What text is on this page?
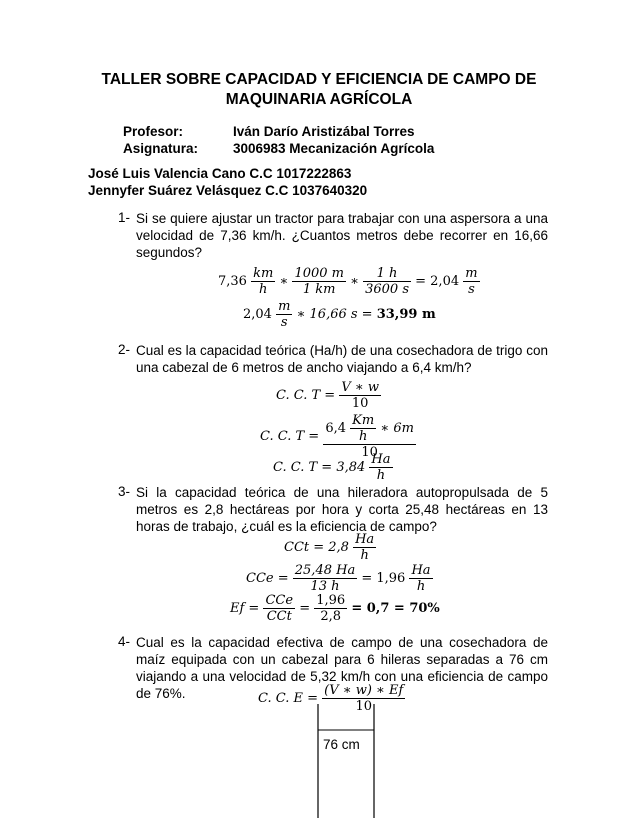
TALLER SOBRE CAPACIDAD Y EFICIENCIA DE CAMPO DE
MAQUINARIA AGRÍCOLA
Profesor:	Iván Darío Aristizábal Torres
Asignatura:	3006983 Mecanización Agrícola
José Luis Valencia Cano C.C 1017222863
Jennyfer Suárez Velásquez C.C 1037640320
1- Si se quiere ajustar un tractor para trabajar con una aspersora a una velocidad de 7,36 km/h. ¿Cuantos metros debe recorrer en 16,66 segundos?
$7,36 \frac{km}{h}$ ∗ $\frac{1000 m}{1 km}$ ∗ $\frac{1 h}{3600 s} = 2,04 \frac{m}{s}$
$2,04 \frac{m}{s}$ ∗ 16,66 s = 33,99 m
2- Cual es la capacidad teórica (Ha/h) de una cosechadora de trigo con una cabezal de 6 metros de ancho viajando a 6,4 km/h?
C. C. $T = \frac{V ∗ w}{10}$
C. C. $T = \frac{6,4 \frac{Km}{h} ∗ 6m}{10}$
C. C. $T = 3,84 \frac{Ha}{h}$
3- Si la capacidad teórica de una hileradora autopropulsada de 5 metros es 2,8 hectáreas por hora y corta 25,48 hectáreas en 13 horas de trabajo, ¿cuál es la eficiencia de campo?
CCt = $2,8 \frac{Ha}{h}$
CCe = $\frac{25,48 Ha}{13 h} = 1,96 \frac{Ha}{h}$
$Ef = \frac{\text{CCe}}{\text{CCt}} = \frac{1,96}{2,8} = 0,7 = 70\%$
4- Cual es la capacidad efectiva de campo de una cosechadora de maíz equipada con un cabezal para 6 hileras separadas a 76 cm viajando a una velocidad de 5,32 km/h con una eficiencia de campo de 76%.	C. C. $E = \frac{(V ∗ w) ∗ Ef}{10}$
76 cm
